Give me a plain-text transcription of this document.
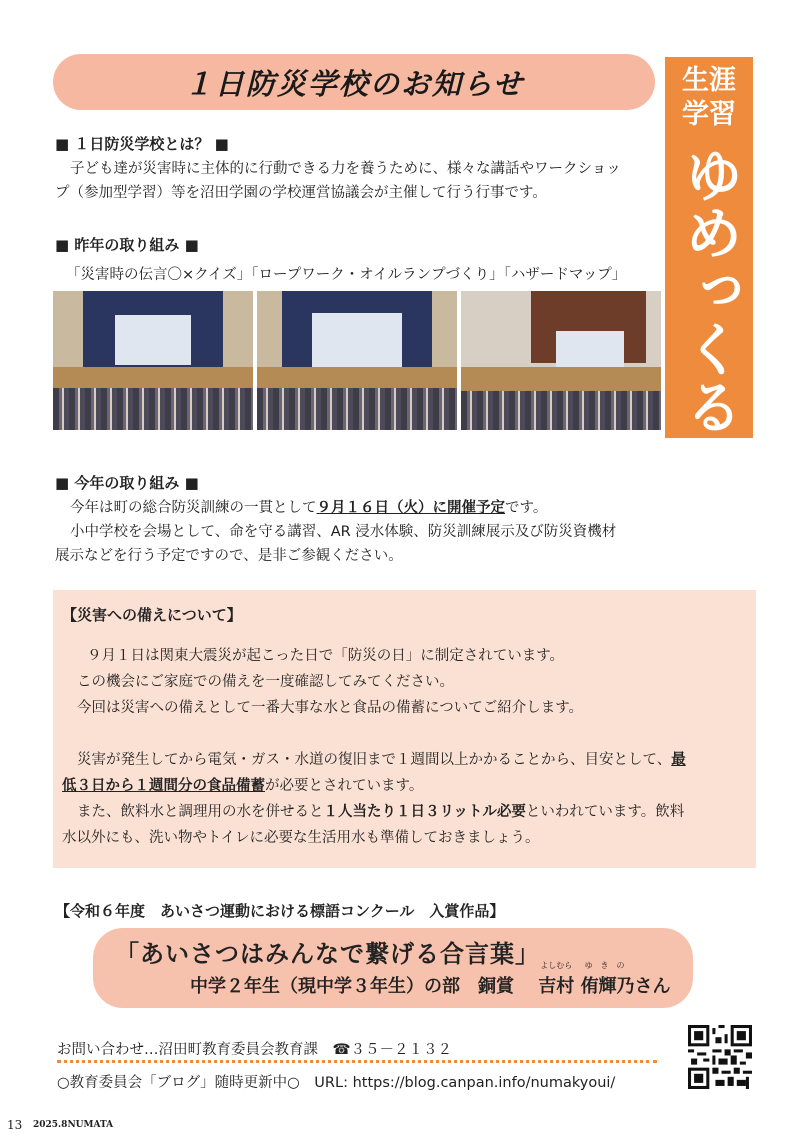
１日防災学校のお知らせ	生涯
学習
ゆめっくる
■ １日防災学校とは？ ■
子ども達が災害時に主体的に行動できる力を養うために、様々な講話やワークショッ
プ（参加型学習）等を沼田学園の学校運営協議会が主催して行う行事です。
■ 昨年の取り組み ■
「災害時の伝言〇×クイズ」「ロープワーク・オイルランプづくり」「ハザードマップ」
■ 今年の取り組み ■
今年は町の総合防災訓練の一貫として９月１６日（火）に開催予定です。
小中学校を会場として、命を守る講習、AR 浸水体験、防災訓練展示及び防災資機材
展示などを行う予定ですので、是非ご参観ください。
【災害への備えについて】
９月１日は関東大震災が起こった日で「防災の日」に制定されています。
この機会にご家庭での備えを一度確認してみてください。
今回は災害への備えとして一番大事な水と食品の備蓄についてご紹介します。
災害が発生してから電気・ガス・水道の復旧まで１週間以上かかることから、目安として、最
低３日から１週間分の食品備蓄が必要とされています。
また、飲料水と調理用の水を併せると１人当たり１日３リットル必要といわれています。飲料
水以外にも、洗い物やトイレに必要な生活用水も準備しておきましょう。
【令和６年度　あいさつ運動における標語コンクール　入賞作品】
「あいさつはみんなで繋げる合言葉」
中学２年生（現中学３年生）の部　銅賞　
よしむら
吉村
ゆ　き　の
侑輝乃さん
お問い合わせ…沼田町教育委員会教育課　☎３５－２１３２
○教育委員会「ブログ」随時更新中○　URL: https://blog.canpan.info/numakyoui/
13 2025.8NUMATA
